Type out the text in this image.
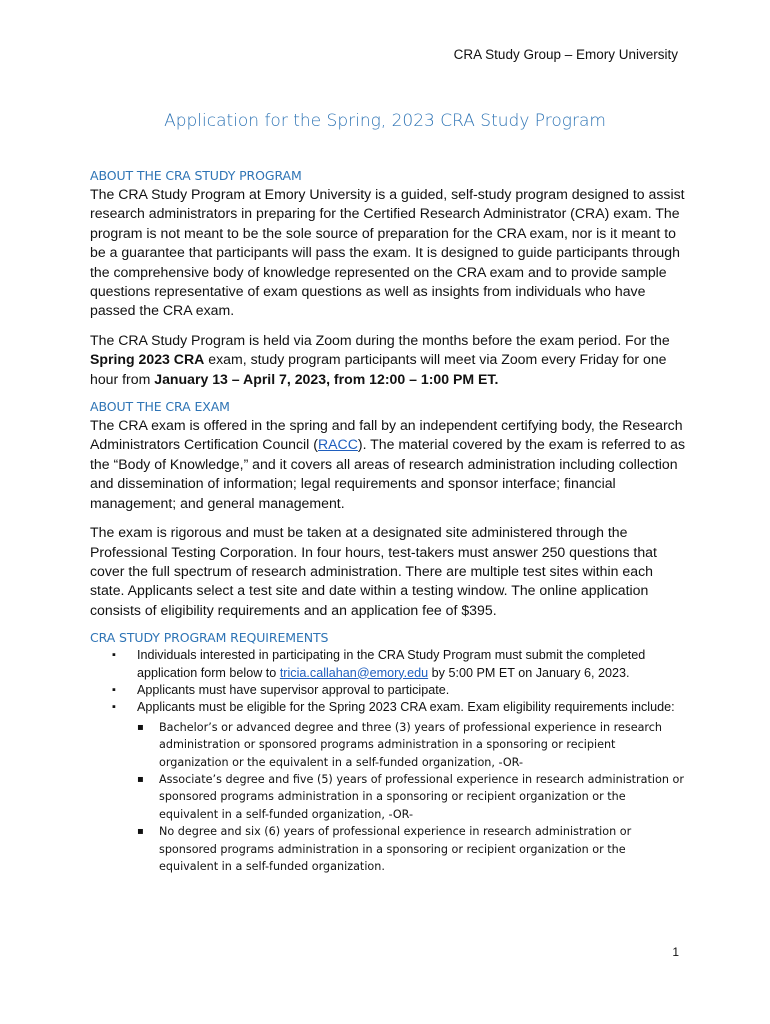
CRA Study Group – Emory University
Application for the Spring, 2023 CRA Study Program
ABOUT THE CRA STUDY PROGRAM

The CRA Study Program at Emory University is a guided, self-study program designed to assist research administrators in preparing for the Certified Research Administrator (CRA) exam. The program is not meant to be the sole source of preparation for the CRA exam, nor is it meant to be a guarantee that participants will pass the exam. It is designed to guide participants through the comprehensive body of knowledge represented on the CRA exam and to provide sample questions representative of exam questions as well as insights from individuals who have passed the CRA exam.

The CRA Study Program is held via Zoom during the months before the exam period. For the Spring 2023 CRA exam, study program participants will meet via Zoom every Friday for one hour from January 13 – April 7, 2023, from 12:00 – 1:00 PM ET.

ABOUT THE CRA EXAM

The CRA exam is offered in the spring and fall by an independent certifying body, the Research Administrators Certification Council (RACC). The material covered by the exam is referred to as the “Body of Knowledge,” and it covers all areas of research administration including collection and dissemination of information; legal requirements and sponsor interface; financial management; and general management.

The exam is rigorous and must be taken at a designated site administered through the Professional Testing Corporation. In four hours, test-takers must answer 250 questions that cover the full spectrum of research administration. There are multiple test sites within each state. Applicants select a test site and date within a testing window. The online application consists of eligibility requirements and an application fee of $395.

CRA STUDY PROGRAM REQUIREMENTS
▪ Individuals interested in participating in the CRA Study Program must submit the completed application form below to tricia.callahan@emory.edu by 5:00 PM ET on January 6, 2023.
▪ Applicants must have supervisor approval to participate.
▪ Applicants must be eligible for the Spring 2023 CRA exam. Exam eligibility requirements include:
▪ Bachelor’s or advanced degree and three (3) years of professional experience in research administration or sponsored programs administration in a sponsoring or recipient organization or the equivalent in a self-funded organization, -OR-
▪ Associate’s degree and five (5) years of professional experience in research administration or sponsored programs administration in a sponsoring or recipient organization or the equivalent in a self-funded organization, -OR-
▪ No degree and six (6) years of professional experience in research administration or sponsored programs administration in a sponsoring or recipient organization or the equivalent in a self-funded organization.
1
